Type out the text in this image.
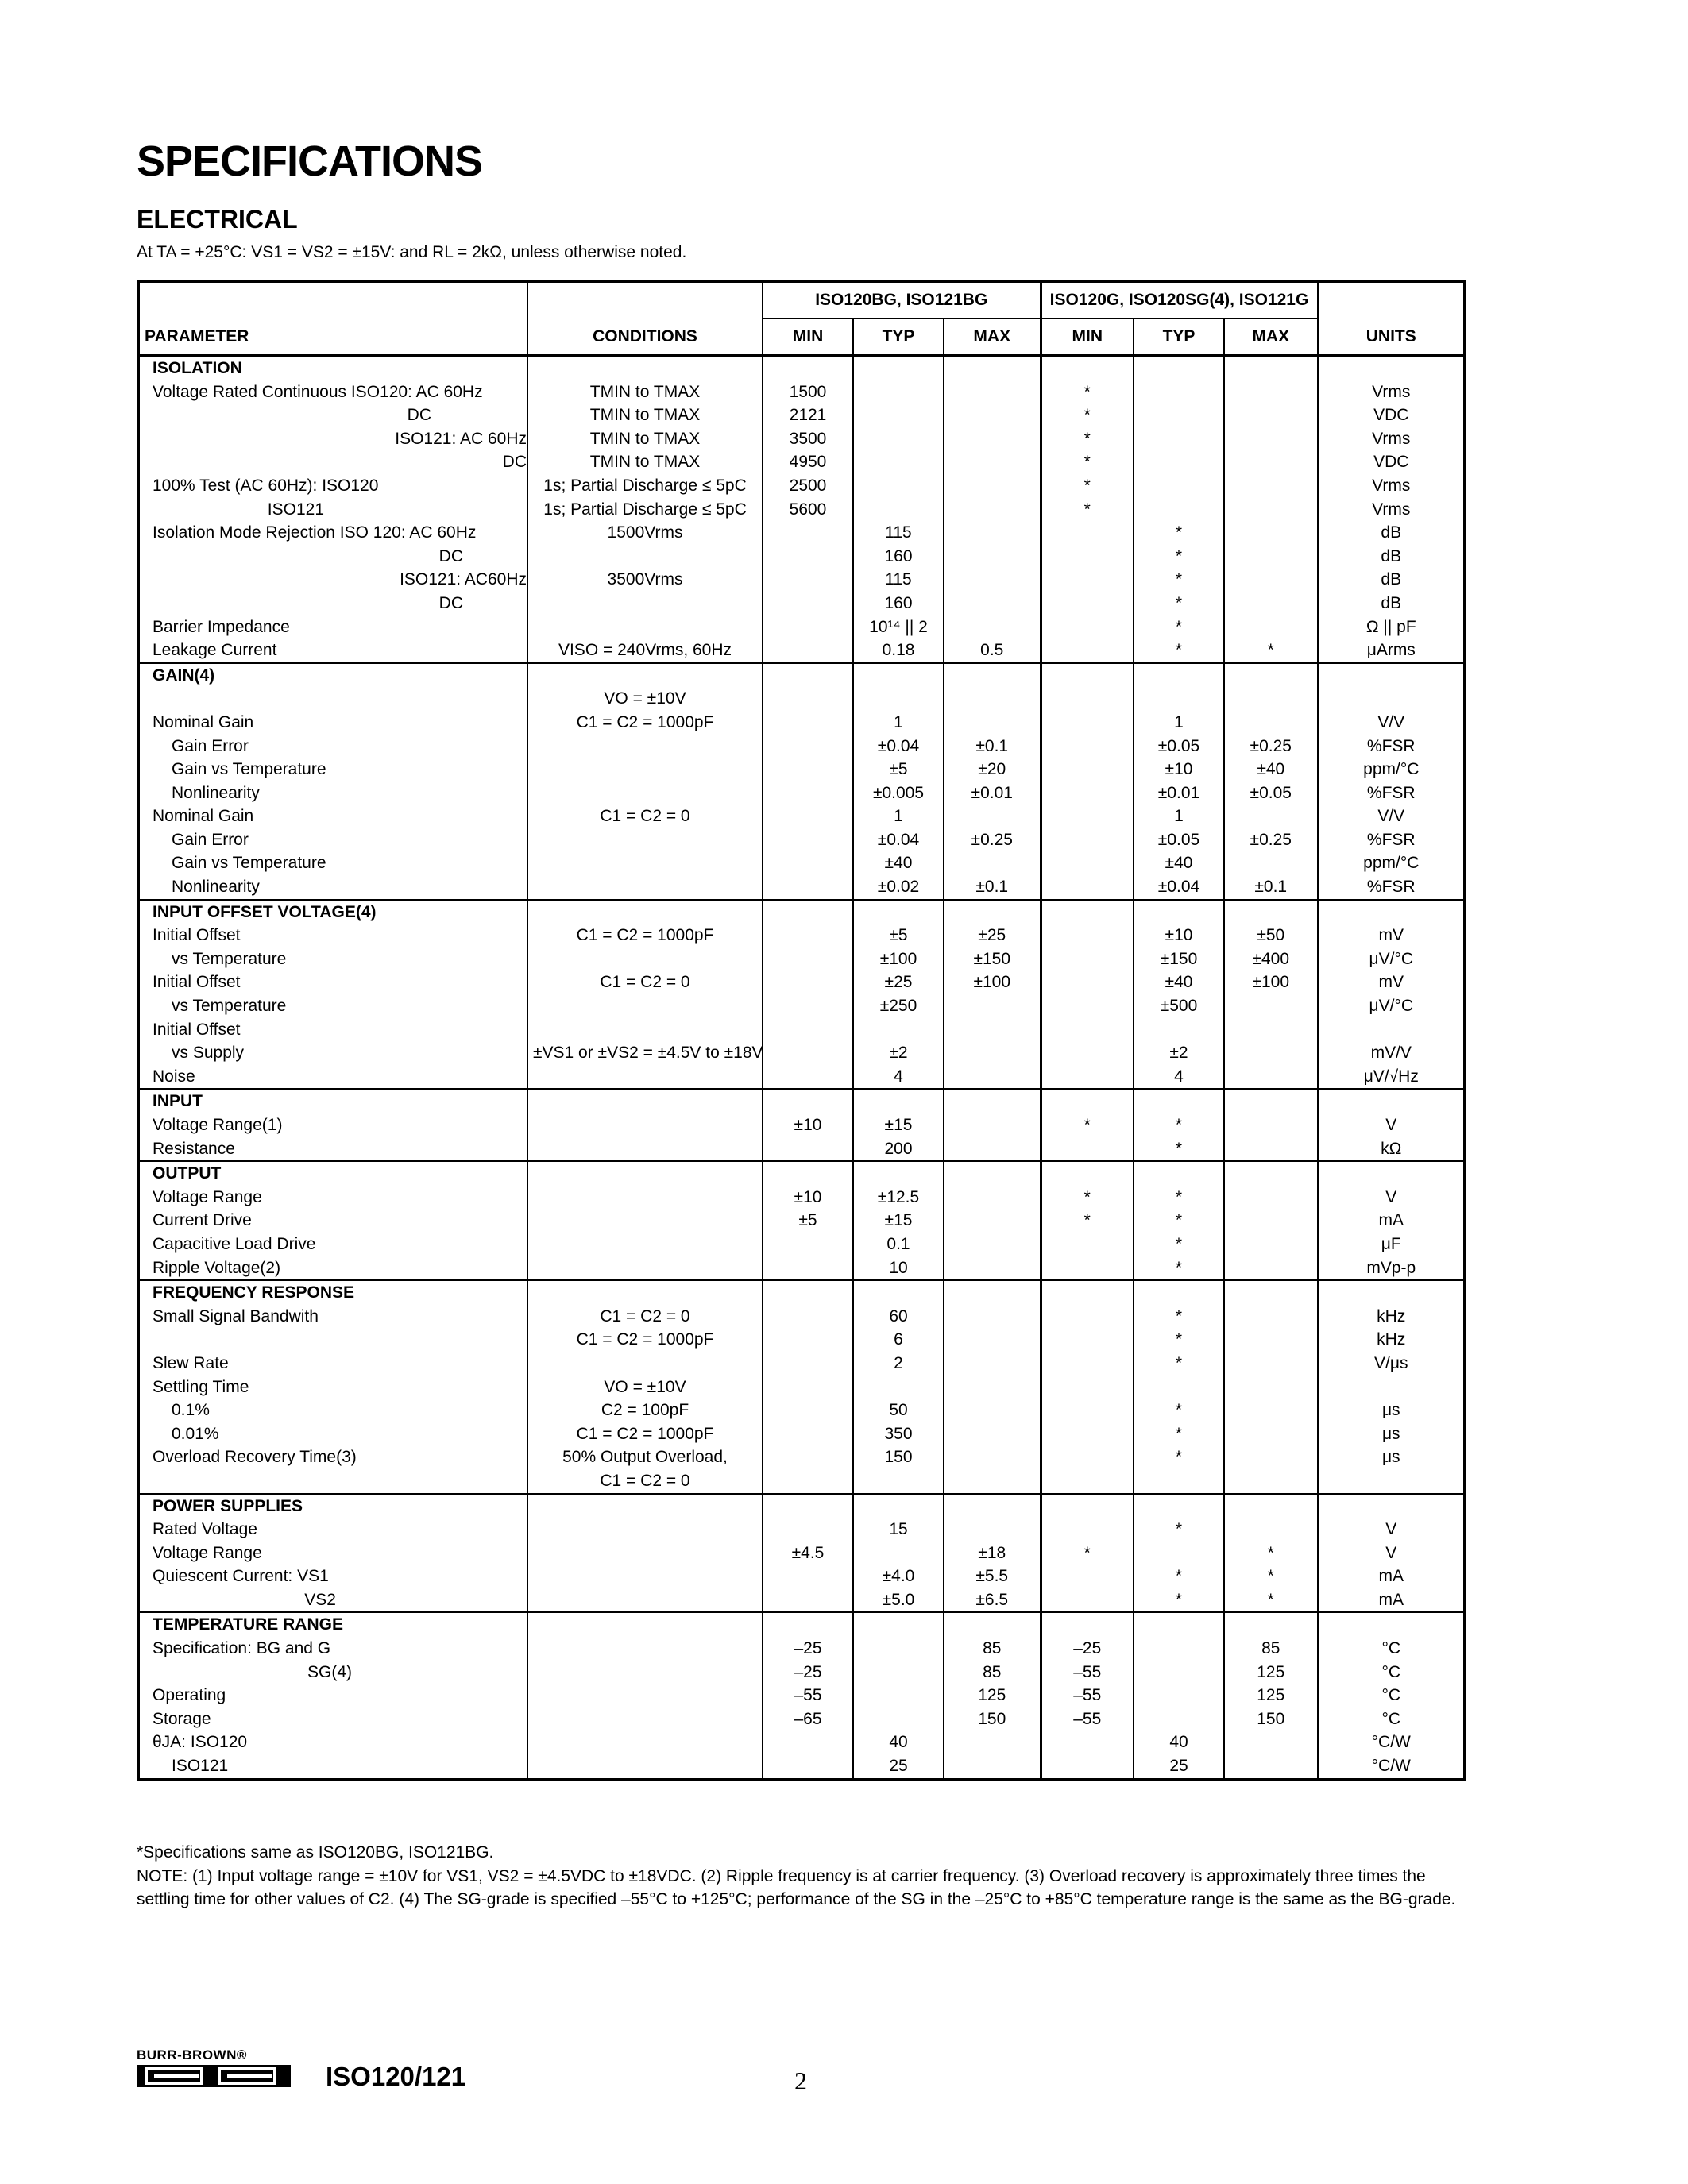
SPECIFICATIONS
ELECTRICAL
At TA = +25°C: VS1 = VS2 = ±15V: and RL = 2kΩ, unless otherwise noted.
		ISO120BG, ISO121BG			ISO120G, ISO120SG(4), ISO121G			
PARAMETER	CONDITIONS	MIN	TYP	MAX	MIN	TYP	MAX	UNITS
ISOLATION								
Voltage Rated Continuous ISO120: AC 60Hz	TMIN to TMAX	1500			*			Vrms
DC	TMIN to TMAX	2121			*			VDC
ISO121: AC 60Hz	TMIN to TMAX	3500			*			Vrms
DC	TMIN to TMAX	4950			*			VDC
100% Test (AC 60Hz): ISO120	1s; Partial Discharge ≤ 5pC	2500			*			Vrms
ISO121	1s; Partial Discharge ≤ 5pC	5600			*			Vrms
Isolation Mode Rejection ISO 120: AC 60Hz	1500Vrms		115			*		dB
DC			160			*		dB
ISO121: AC60Hz	3500Vrms		115			*		dB
DC			160			*		dB
Barrier Impedance			10¹⁴ || 2			*		Ω || pF
Leakage Current	VISO = 240Vrms, 60Hz		0.18	0.5		*	*	μArms
GAIN(4)								
	VO = ±10V							
Nominal Gain	C1 = C2 = 1000pF		1			1		V/V
Gain Error			±0.04	±0.1		±0.05	±0.25	%FSR
Gain vs Temperature			±5	±20		±10	±40	ppm/°C
Nonlinearity			±0.005	±0.01		±0.01	±0.05	%FSR
Nominal Gain	C1 = C2 = 0		1			1		V/V
Gain Error			±0.04	±0.25		±0.05	±0.25	%FSR
Gain vs Temperature			±40			±40		ppm/°C
Nonlinearity			±0.02	±0.1		±0.04	±0.1	%FSR
INPUT OFFSET VOLTAGE(4)								
Initial Offset	C1 = C2 = 1000pF		±5	±25		±10	±50	mV
vs Temperature			±100	±150		±150	±400	μV/°C
Initial Offset	C1 = C2 = 0		±25	±100		±40	±100	mV
vs Temperature			±250			±500		μV/°C
Initial Offset								
vs Supply	±VS1 or ±VS2 = ±4.5V to ±18V		±2			±2		mV/V
Noise			4			4		μV/√Hz
INPUT								
Voltage Range(1)		±10	±15		*	*		V
Resistance			200			*		kΩ
OUTPUT								
Voltage Range		±10	±12.5		*	*		V
Current Drive		±5	±15		*	*		mA
Capacitive Load Drive			0.1			*		μF
Ripple Voltage(2)			10			*		mVp-p
FREQUENCY RESPONSE								
Small Signal Bandwith	C1 = C2 = 0		60			*		kHz
	C1 = C2 = 1000pF		6			*		kHz
Slew Rate			2			*		V/μs
Settling Time	VO = ±10V							
0.1%	C2 = 100pF		50			*		μs
0.01%	C1 = C2 = 1000pF		350			*		μs
Overload Recovery Time(3)	50% Output Overload,		150			*		μs
	C1 = C2 = 0							
POWER SUPPLIES								
Rated Voltage			15			*		V
Voltage Range		±4.5		±18	*		*	V
Quiescent Current: VS1			±4.0	±5.5		*	*	mA
VS2			±5.0	±6.5		*	*	mA
TEMPERATURE RANGE								
Specification: BG and G		–25		85	–25		85	°C
SG(4)		–25		85	–55		125	°C
Operating		–55		125	–55		125	°C
Storage		–65		150	–55		150	°C
θJA: ISO120			40			40		°C/W
ISO121			25			25		°C/W
*Specifications same as ISO120BG, ISO121BG.
NOTE: (1) Input voltage range = ±10V for VS1, VS2 = ±4.5VDC to ±18VDC. (2) Ripple frequency is at carrier frequency. (3) Overload recovery is approximately three times the settling time for other values of C2. (4) The SG-grade is specified –55°C to +125°C; performance of the SG in the –25°C to +85°C temperature range is the same as the BG-grade.
BURR-BROWN®
ISO120/121	2
